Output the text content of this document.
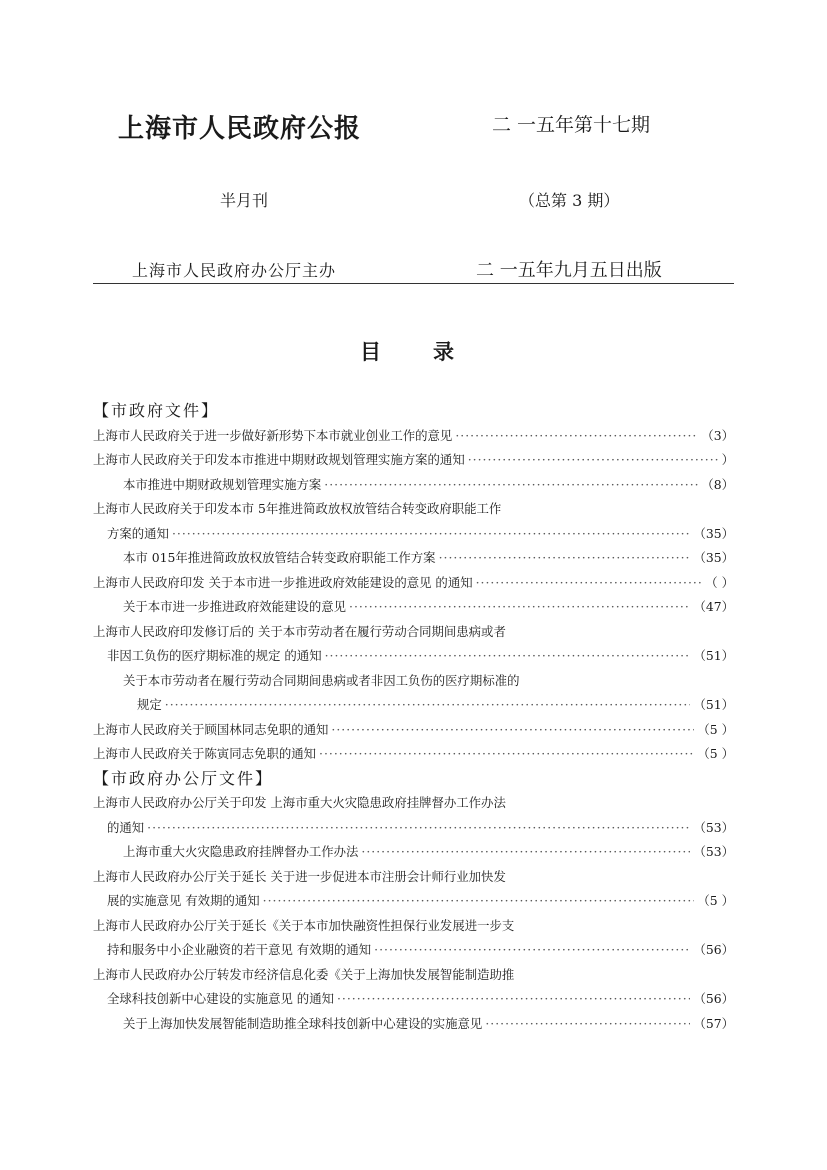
上海市人民政府公报	二 一五年第十七期
半月刊	（总第 3 期）
上海市人民政府办公厅主办	二 一五年九月五日出版
目录
【市政府文件】
上海市人民政府关于进一步做好新形势下本市就业创业工作的意见 ·····	（3）
上海市人民政府关于印发本市推进中期财政规划管理实施方案的通知 ·····	）
本市推进中期财政规划管理实施方案 ·····	（8）
上海市人民政府关于印发本市 5年推进简政放权放管结合转变政府职能工作
方案的通知 ·····	（35）
本市 015年推进简政放权放管结合转变政府职能工作方案 ·····	（35）
上海市人民政府印发 关于本市进一步推进政府效能建设的意见 的通知 ·····	（ ）
关于本市进一步推进政府效能建设的意见 ·····	（47）
上海市人民政府印发修订后的 关于本市劳动者在履行劳动合同期间患病或者
非因工负伤的医疗期标准的规定 的通知 ·····	（51）
关于本市劳动者在履行劳动合同期间患病或者非因工负伤的医疗期标准的
规定 ·····	（51）
上海市人民政府关于顾国林同志免职的通知 ·····	（5 ）
上海市人民政府关于陈寅同志免职的通知 ·····	（5 ）
【市政府办公厅文件】
上海市人民政府办公厅关于印发 上海市重大火灾隐患政府挂牌督办工作办法
的通知 ·····	（53）
上海市重大火灾隐患政府挂牌督办工作办法 ·····	（53）
上海市人民政府办公厅关于延长 关于进一步促进本市注册会计师行业加快发
展的实施意见 有效期的通知 ·····	（5 ）
上海市人民政府办公厅关于延长《关于本市加快融资性担保行业发展进一步支
持和服务中小企业融资的若干意见 有效期的通知 ·····	（56）
上海市人民政府办公厅转发市经济信息化委《关于上海加快发展智能制造助推
全球科技创新中心建设的实施意见 的通知 ·····	（56）
关于上海加快发展智能制造助推全球科技创新中心建设的实施意见 ·····	（57）
